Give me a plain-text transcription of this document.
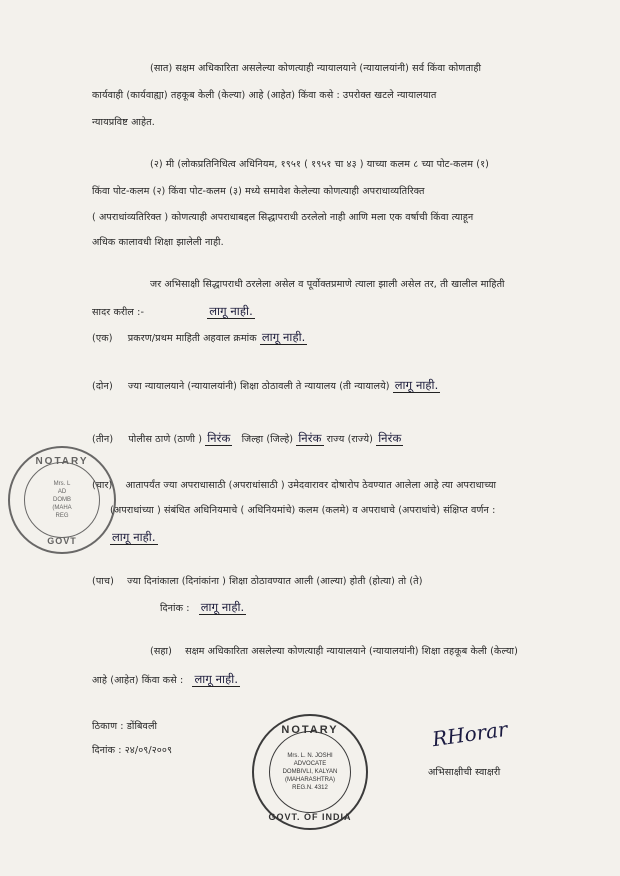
(सात) सक्षम अधिकारिता असलेल्या कोणत्याही न्यायालयाने (न्यायालयांनी) सर्व किंवा कोणताही
कार्यवाही (कार्यवाह्या) तहकूब केली (केल्या) आहे (आहेत) किंवा कसे : उपरोक्त खटले न्यायालयात
न्यायप्रविष्ट आहेत.
(२) मी (लोकप्रतिनिधित्व अधिनियम, १९५१ ( १९५१ चा ४३ ) याच्या कलम ८ च्या पोट-कलम (१)
किंवा पोट-कलम (२) किंवा पोट-कलम (३) मध्ये समावेश केलेल्या कोणत्याही अपराधाव्यतिरिक्त
( अपराधांव्यतिरिक्त ) कोणत्याही अपराधाबद्दल सिद्धापराधी ठरलेलो नाही आणि मला एक वर्षाची किंवा त्याहून
अधिक कालावधी शिक्षा झालेली नाही.
जर अभिसाक्षी सिद्धापराधी ठरलेला असेल व पूर्वोक्तप्रमाणे त्याला झाली असेल तर, ती खालील माहिती
सादर करील :-	लागू नाही.
(एक) प्रकरण/प्रथम माहिती अहवाल क्रमांक लागू नाही.
(दोन) ज्या न्यायालयाने (न्यायालयांनी) शिक्षा ठोठावली ते न्यायालय (ती न्यायालये) लागू नाही.
(तीन) पोलीस ठाणे (ठाणी ) निरंक जिल्हा (जिल्हे) निरंक राज्य (राज्ये) निरंक
(चार) आतापर्यंत ज्या अपराधासाठी (अपराधांसाठी ) उमेदवारावर दोषारोप ठेवण्यात आलेला आहे त्या अपराधाच्या
(अपराधांच्या ) संबंधित अधिनियमाचे ( अधिनियमांचे) कलम (कलमे) व अपराधाचे (अपराधांचे) संक्षिप्त वर्णन :
लागू नाही.
(पाच) ज्या दिनांकाला (दिनांकांना ) शिक्षा ठोठावण्यात आली (आल्या) होती (होत्या) तो (ते)
दिनांक : लागू नाही.
(सहा) सक्षम अधिकारिता असलेल्या कोणत्याही न्यायालयाने (न्यायालयांनी) शिक्षा तहकूब केली (केल्या)
आहे (आहेत) किंवा कसे : लागू नाही.
ठिकाण : डोंबिवली
दिनांक : २४/०९/२००९
अभिसाक्षीची स्वाक्षरी
RHorar
NOTARY
Mrs. L. N. JOSHI
ADVOCATE
DOMBIVLI, KALYAN
(MAHARASHTRA)
REG.N. 4312
GOVT. OF INDIA
NOTARY
Mrs. L
AD
DOMB
(MAHA
REG
GOVT
